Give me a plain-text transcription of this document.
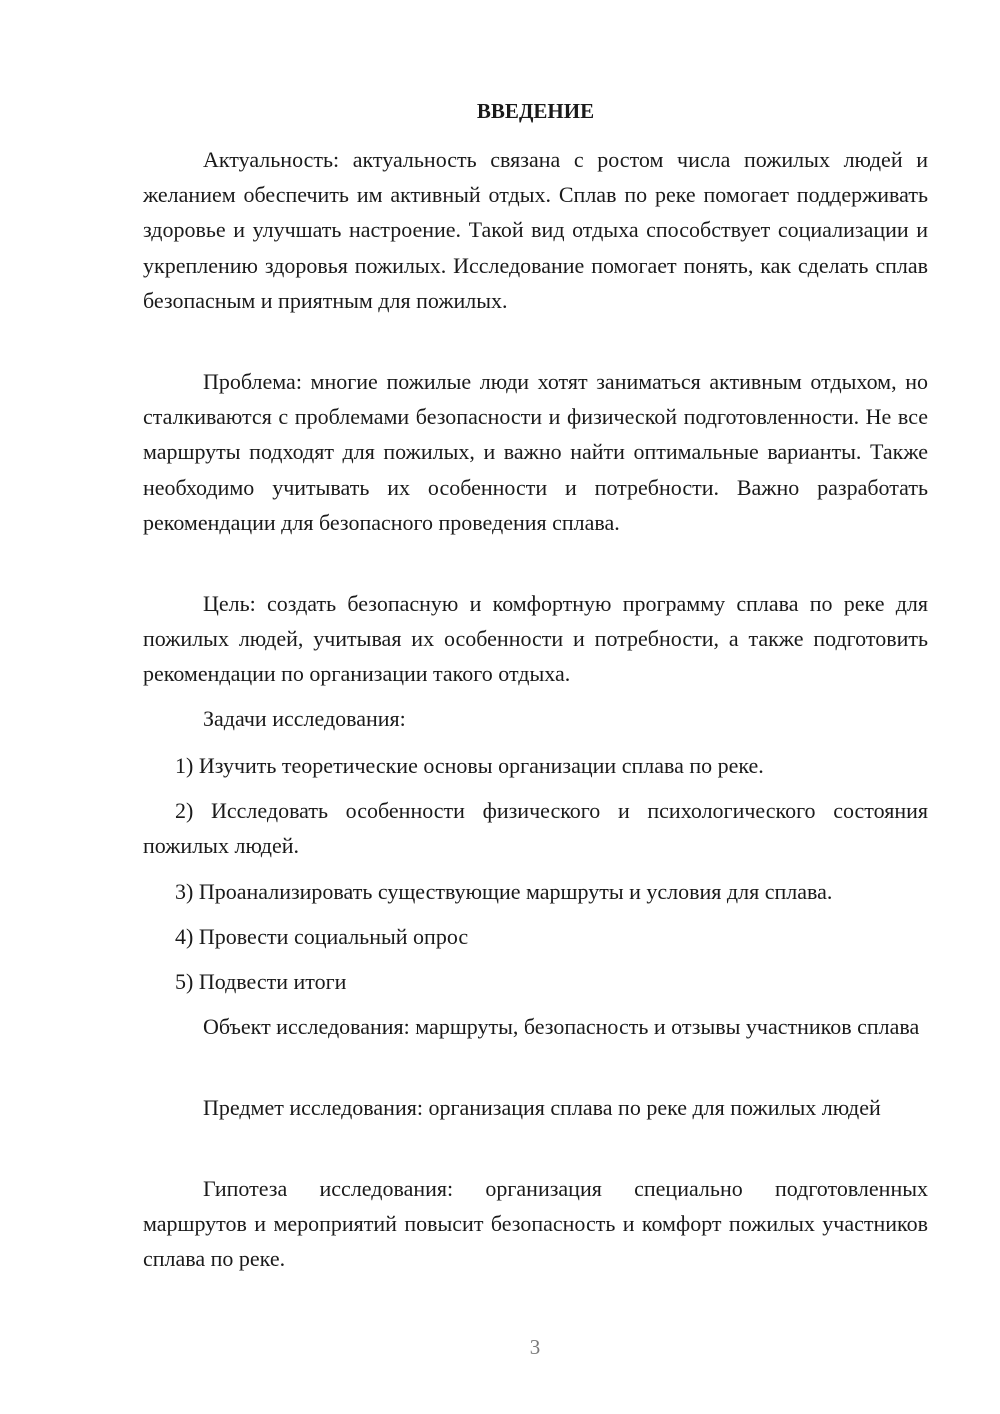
ВВЕДЕНИЕ

Актуальность: актуальность связана с ростом числа пожилых людей и желанием обеспечить им активный отдых. Сплав по реке помогает поддерживать здоровье и улучшать настроение. Такой вид отдыха способствует социализации и укреплению здоровья пожилых. Исследование помогает понять, как сделать сплав безопасным и приятным для пожилых.

Проблема: многие пожилые люди хотят заниматься активным отдыхом, но сталкиваются с проблемами безопасности и физической подготовленности. Не все маршруты подходят для пожилых, и важно найти оптимальные варианты. Также необходимо учитывать их особенности и потребности. Важно разработать рекомендации для безопасного проведения сплава.

Цель: создать безопасную и комфортную программу сплава по реке для пожилых людей, учитывая их особенности и потребности, а также подготовить рекомендации по организации такого отдыха.

Задачи исследования:

1) Изучить теоретические основы организации сплава по реке.

2) Исследовать особенности физического и психологического состояния пожилых людей.

3) Проанализировать существующие маршруты и условия для сплава.

4) Провести социальный опрос

5) Подвести итоги

Объект исследования: маршруты, безопасность и отзывы участников сплава

Предмет исследования: организация сплава по реке для пожилых людей

Гипотеза исследования: организация специально подготовленных маршрутов и мероприятий повысит безопасность и комфорт пожилых участников сплава по реке.

3
